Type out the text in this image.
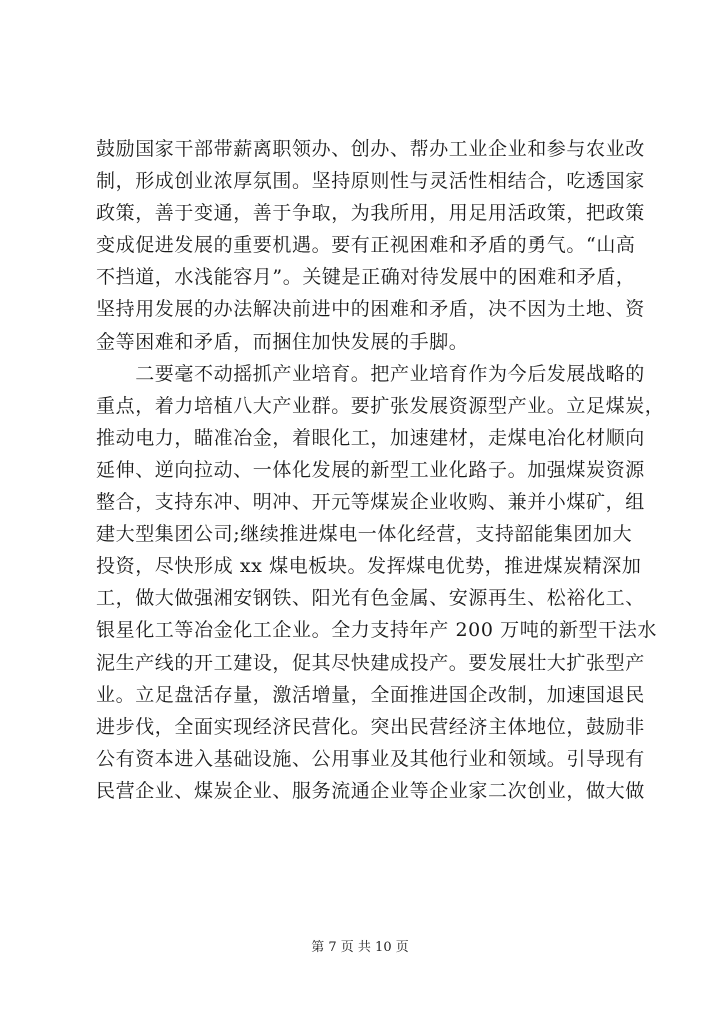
鼓励国家干部带薪离职领办、创办、帮办工业企业和参与农业改
制，形成创业浓厚氛围。坚持原则性与灵活性相结合，吃透国家
政策，善于变通，善于争取，为我所用，用足用活政策，把政策
变成促进发展的重要机遇。要有正视困难和矛盾的勇气。“山高
不挡道，水浅能容月”。关键是正确对待发展中的困难和矛盾，
坚持用发展的办法解决前进中的困难和矛盾，决不因为土地、资
金等困难和矛盾，而捆住加快发展的手脚。
　　二要毫不动摇抓产业培育。把产业培育作为今后发展战略的
重点，着力培植八大产业群。要扩张发展资源型产业。立足煤炭，
推动电力，瞄准冶金，着眼化工，加速建材，走煤电冶化材顺向
延伸、逆向拉动、一体化发展的新型工业化路子。加强煤炭资源
整合，支持东冲、明冲、开元等煤炭企业收购、兼并小煤矿，组
建大型集团公司;继续推进煤电一体化经营，支持韶能集团加大
投资，尽快形成 xx 煤电板块。发挥煤电优势，推进煤炭精深加
工，做大做强湘安钢铁、阳光有色金属、安源再生、松裕化工、
银星化工等冶金化工企业。全力支持年产 200 万吨的新型干法水
泥生产线的开工建设，促其尽快建成投产。要发展壮大扩张型产
业。立足盘活存量，激活增量，全面推进国企改制，加速国退民
进步伐，全面实现经济民营化。突出民营经济主体地位，鼓励非
公有资本进入基础设施、公用事业及其他行业和领域。引导现有
民营企业、煤炭企业、服务流通企业等企业家二次创业，做大做
第 7 页 共 10 页
